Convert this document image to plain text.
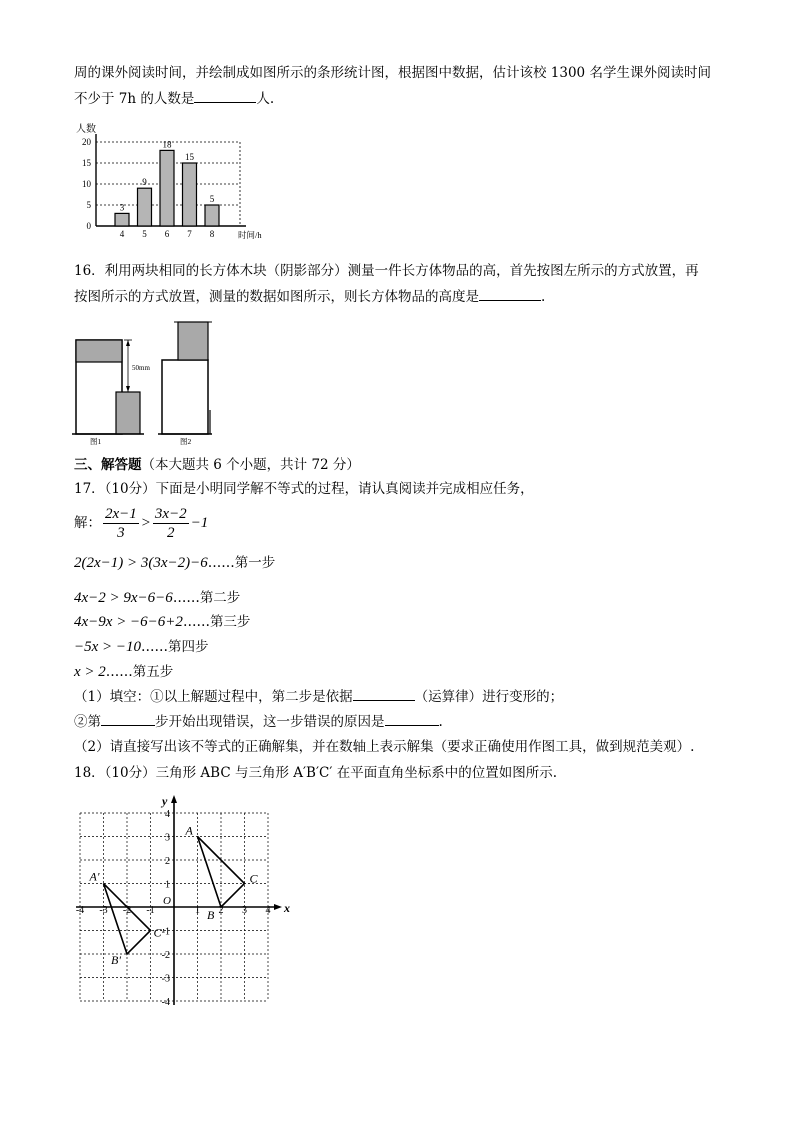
周的课外阅读时间，并绘制成如图所示的条形统计图，根据图中数据，估计该校 1300 名学生课外阅读时间
不少于 7h 的人数是	人.
0
5
10
15
20
3
4
9
5
18
6
15
7
5
8
人数
时间/h
16．利用两块相同的长方体木块（阴影部分）测量一件长方体物品的高，首先按图左所示的方式放置，再
按图所示的方式放置，测量的数据如图所示，则长方体物品的高度是	.
50mm
图1	图2
三、解答题（本大题共 6 个小题，共计 72 分）
17．（10分）下面是小明同学解不等式的过程，请认真阅读并完成相应任务，
解： $\frac{2x-1}{3} > \frac{3x-2}{2} -1$
2(2x−1) > 3(3x−2)−6……第一步
4x−2 > 9x−6−6……第二步
4x−9x > −6−6+2……第三步
−5x > −10……第四步
x > 2……第五步
（1）填空：①以上解题过程中，第二步是依据	（运算律）进行变形的；
②第	步开始出现错误，这一步错误的原因是	.
（2）请直接写出该不等式的正确解集，并在数轴上表示解集（要求正确使用作图工具，做到规范美观）.
18．（10分）三角形 ABC 与三角形 A′B′C′ 在平面直角坐标系中的位置如图所示.
x
y
O
-4 -3 -2 -1	1 2 3 4
4
3
2
1
-1
-2
-3
-4
A
B
C
A'
B'
C'
